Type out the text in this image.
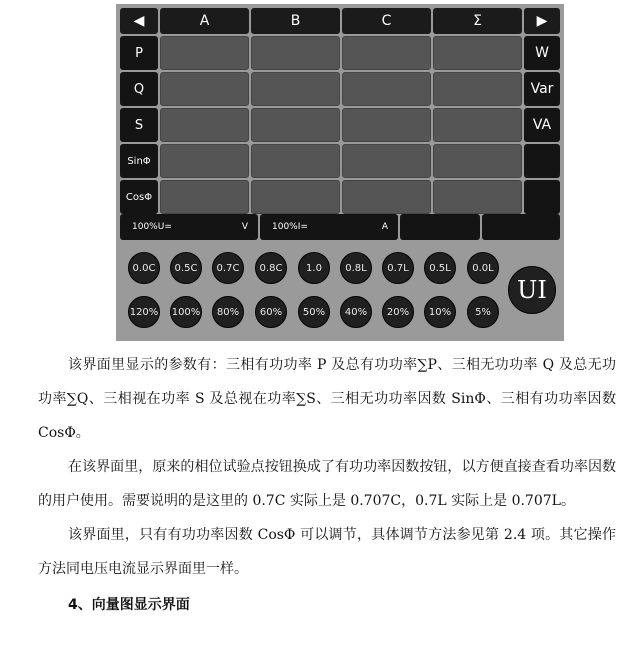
◀	A	B	C	Σ	▶
P	W
Q	Var
S	VA
SinΦ
CosΦ
100%U=	V	100%I=	A
0.0C	0.5C	0.7C	0.8C	1.0	0.8L	0.7L	0.5L	0.0L
UI
120% 100%	80%	60%	50%	40%	20%	10%	5%

该界面里显示的参数有：三相有功功率 P 及总有功功率∑P、三相无功功率 Q 及总无功功率∑Q、三相视在功率 S 及总视在功率∑S、三相无功功率因数 SinΦ、三相有功功率因数 CosΦ。

在该界面里，原来的相位试验点按钮换成了有功功率因数按钮，以方便直接查看功率因数的用户使用。需要说明的是这里的 0.7C 实际上是 0.707C，0.7L 实际上是 0.707L。

该界面里，只有有功功率因数 CosΦ 可以调节，具体调节方法参见第 2.4 项。其它操作方法同电压电流显示界面里一样。

4、向量图显示界面
